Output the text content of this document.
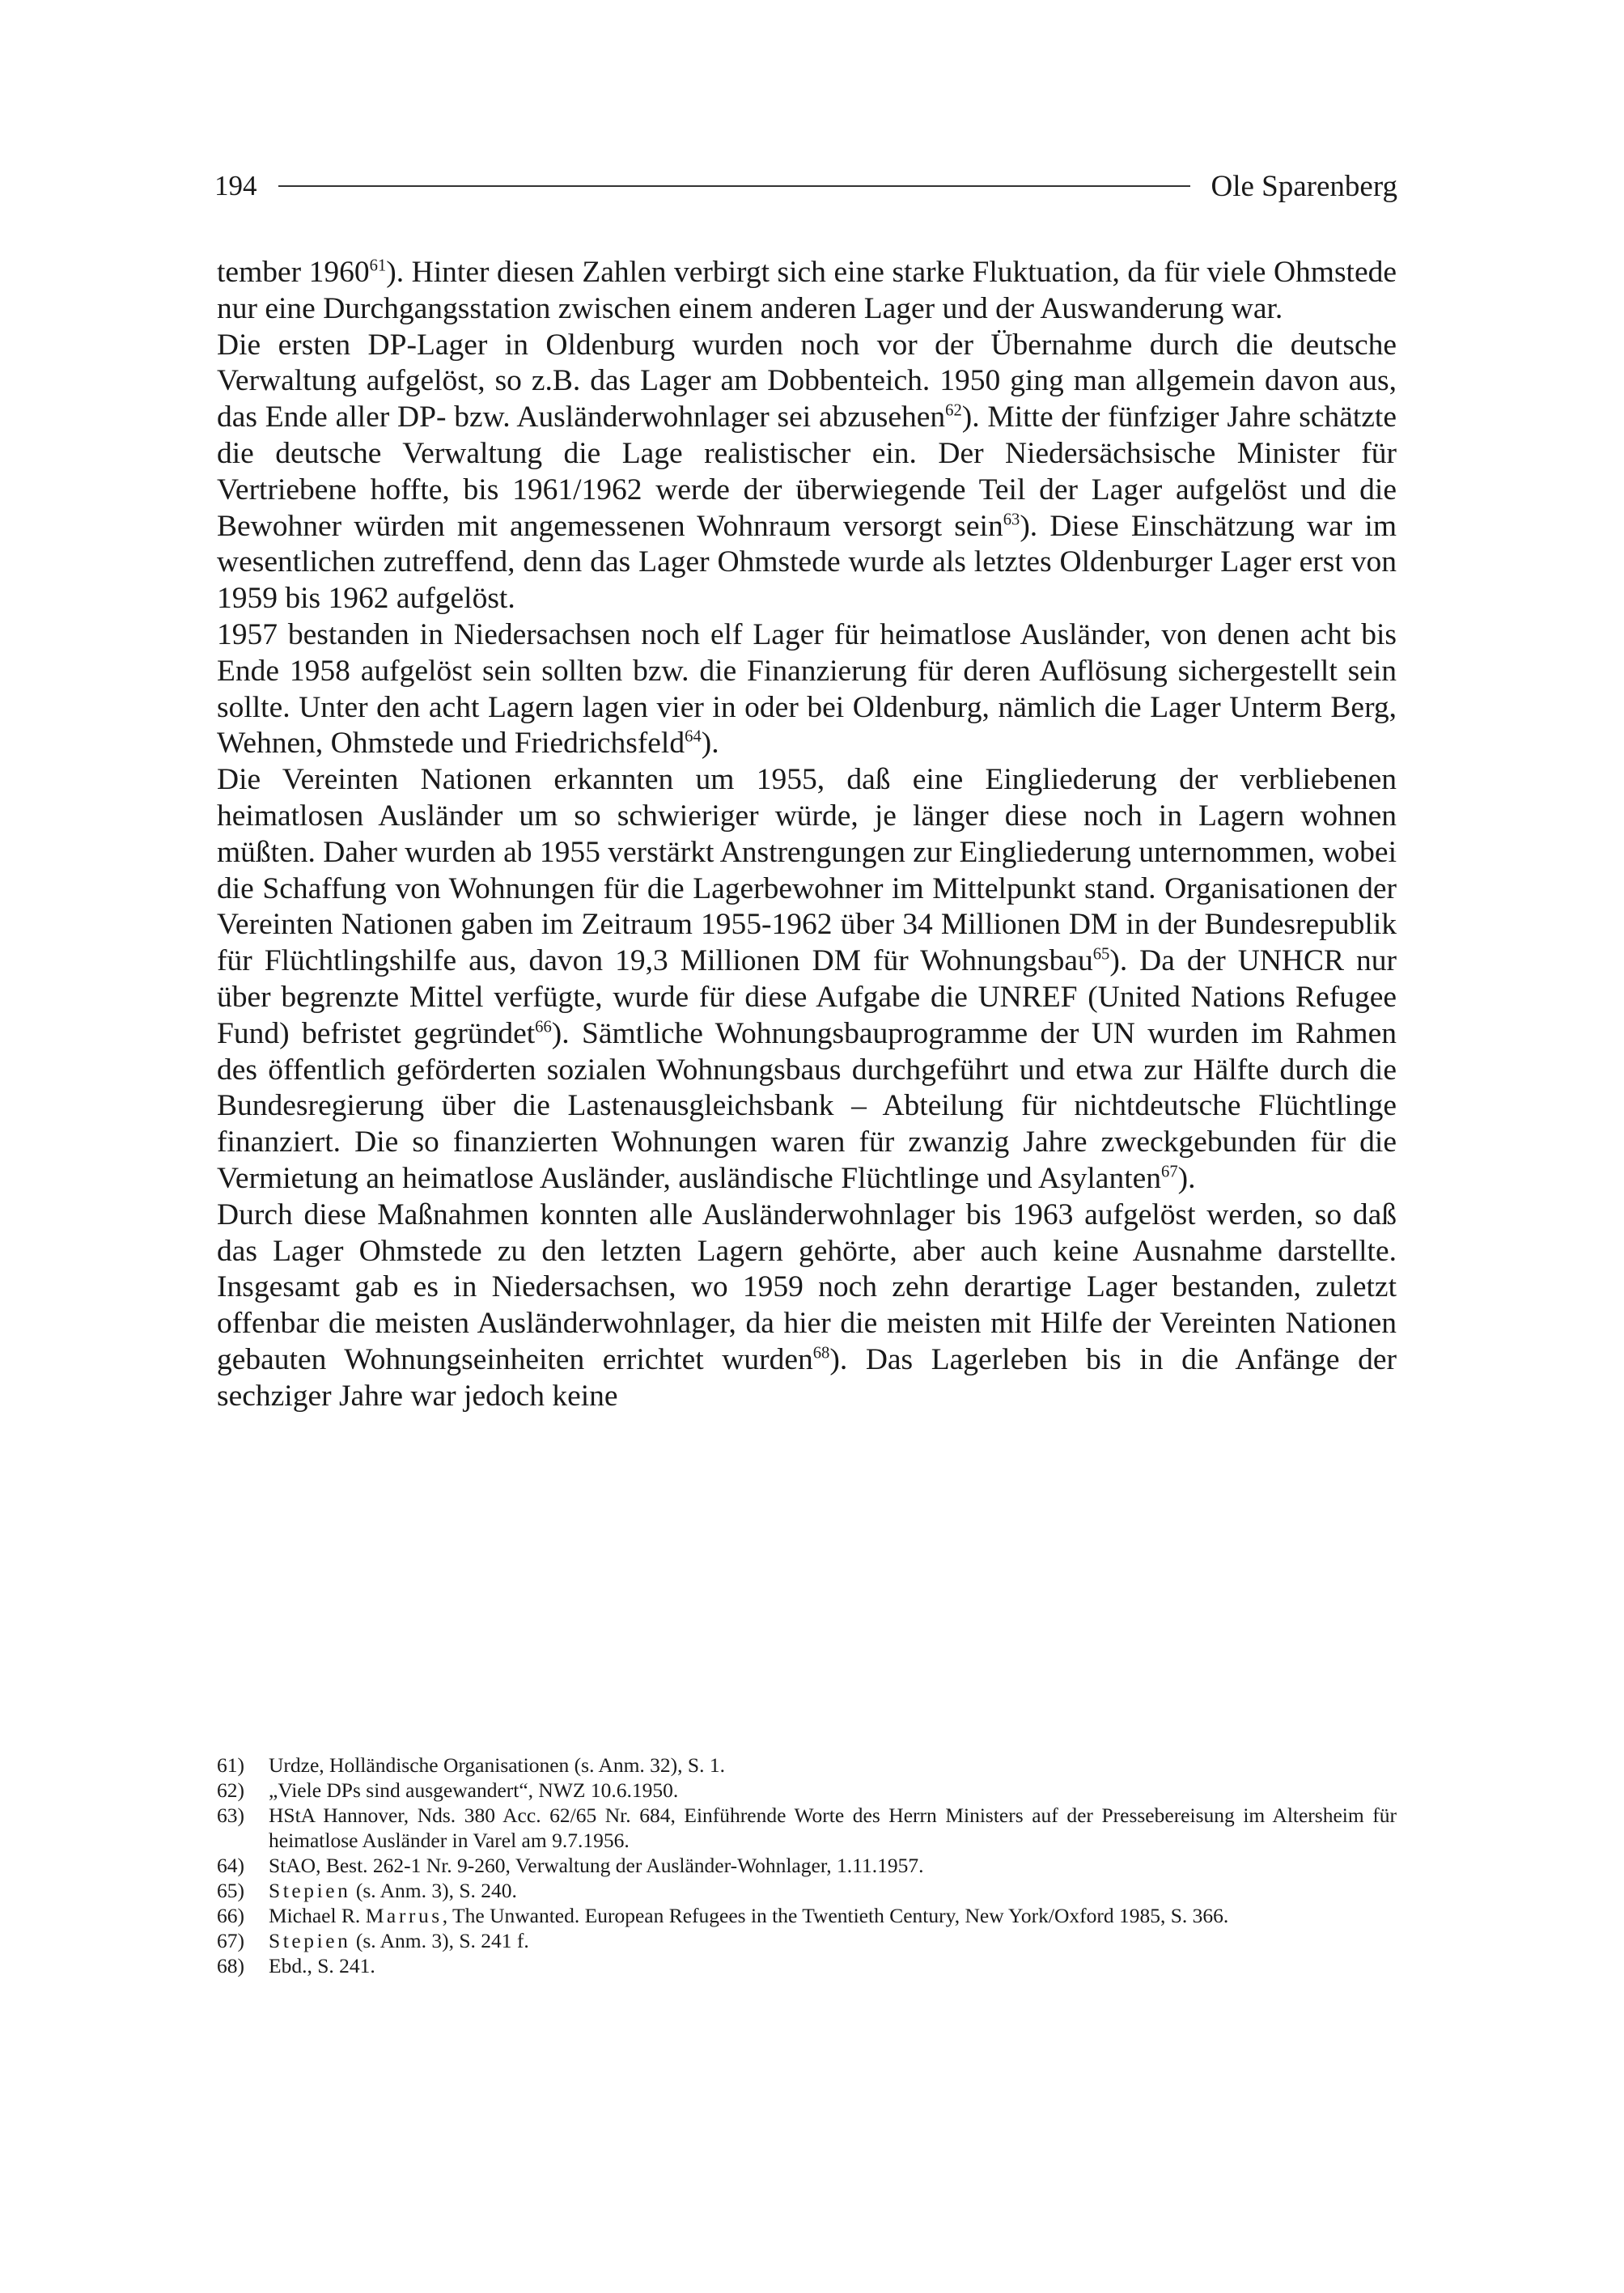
194	Ole Sparenberg

tember 1960$^{61}$). Hinter diesen Zahlen verbirgt sich eine starke Fluktuation, da für viele Ohmstede nur eine Durchgangsstation zwischen einem anderen Lager und der Auswanderung war.

Die ersten DP-Lager in Oldenburg wurden noch vor der Übernahme durch die deutsche Verwaltung aufgelöst, so z.B. das Lager am Dobbenteich. 1950 ging man allgemein davon aus, das Ende aller DP- bzw. Ausländerwohnlager sei abzusehen$^{62}$). Mitte der fünfziger Jahre schätzte die deutsche Verwaltung die Lage realistischer ein. Der Niedersächsische Minister für Vertriebene hoffte, bis 1961/1962 werde der überwiegende Teil der Lager aufgelöst und die Bewohner würden mit angemessenen Wohnraum versorgt sein$^{63}$). Diese Einschätzung war im wesentlichen zutreffend, denn das Lager Ohmstede wurde als letztes Oldenburger Lager erst von 1959 bis 1962 aufgelöst.

1957 bestanden in Niedersachsen noch elf Lager für heimatlose Ausländer, von denen acht bis Ende 1958 aufgelöst sein sollten bzw. die Finanzierung für deren Auflösung sichergestellt sein sollte. Unter den acht Lagern lagen vier in oder bei Oldenburg, nämlich die Lager Unterm Berg, Wehnen, Ohmstede und Friedrichsfeld$^{64}$).

Die Vereinten Nationen erkannten um 1955, daß eine Eingliederung der verbliebenen heimatlosen Ausländer um so schwieriger würde, je länger diese noch in Lagern wohnen müßten. Daher wurden ab 1955 verstärkt Anstrengungen zur Eingliederung unternommen, wobei die Schaffung von Wohnungen für die Lagerbewohner im Mittelpunkt stand. Organisationen der Vereinten Nationen gaben im Zeitraum 1955-1962 über 34 Millionen DM in der Bundesrepublik für Flüchtlingshilfe aus, davon 19,3 Millionen DM für Wohnungsbau$^{65}$). Da der UNHCR nur über begrenzte Mittel verfügte, wurde für diese Aufgabe die UNREF (United Nations Refugee Fund) befristet gegründet$^{66}$). Sämtliche Wohnungsbauprogramme der UN wurden im Rahmen des öffentlich geförderten sozialen Wohnungsbaus durchgeführt und etwa zur Hälfte durch die Bundesregierung über die Lastenausgleichsbank – Abteilung für nichtdeutsche Flüchtlinge finanziert. Die so finanzierten Wohnungen waren für zwanzig Jahre zweckgebunden für die Vermietung an heimatlose Ausländer, ausländische Flüchtlinge und Asylanten$^{67}$).

Durch diese Maßnahmen konnten alle Ausländerwohnlager bis 1963 aufgelöst werden, so daß das Lager Ohmstede zu den letzten Lagern gehörte, aber auch keine Ausnahme darstellte. Insgesamt gab es in Niedersachsen, wo 1959 noch zehn derartige Lager bestanden, zuletzt offenbar die meisten Ausländerwohnlager, da hier die meisten mit Hilfe der Vereinten Nationen gebauten Wohnungseinheiten errichtet wurden$^{68}$). Das Lagerleben bis in die Anfänge der sechziger Jahre war jedoch keine

61)	Urdze, Holländische Organisationen (s. Anm. 32), S. 1.
62)	„Viele DPs sind ausgewandert“, NWZ 10.6.1950.
63)	HStA Hannover, Nds. 380 Acc. 62/65 Nr. 684, Einführende Worte des Herrn Ministers auf der Pressebereisung im Altersheim für heimatlose Ausländer in Varel am 9.7.1956.
64)	StAO, Best. 262-1 Nr. 9-260, Verwaltung der Ausländer-Wohnlager, 1.11.1957.
65)	Stepien (s. Anm. 3), S. 240.
66)	Michael R. Marrus, The Unwanted. European Refugees in the Twentieth Century, New York/Oxford 1985, S. 366.
67)	Stepien (s. Anm. 3), S. 241 f.
68)	Ebd., S. 241.
